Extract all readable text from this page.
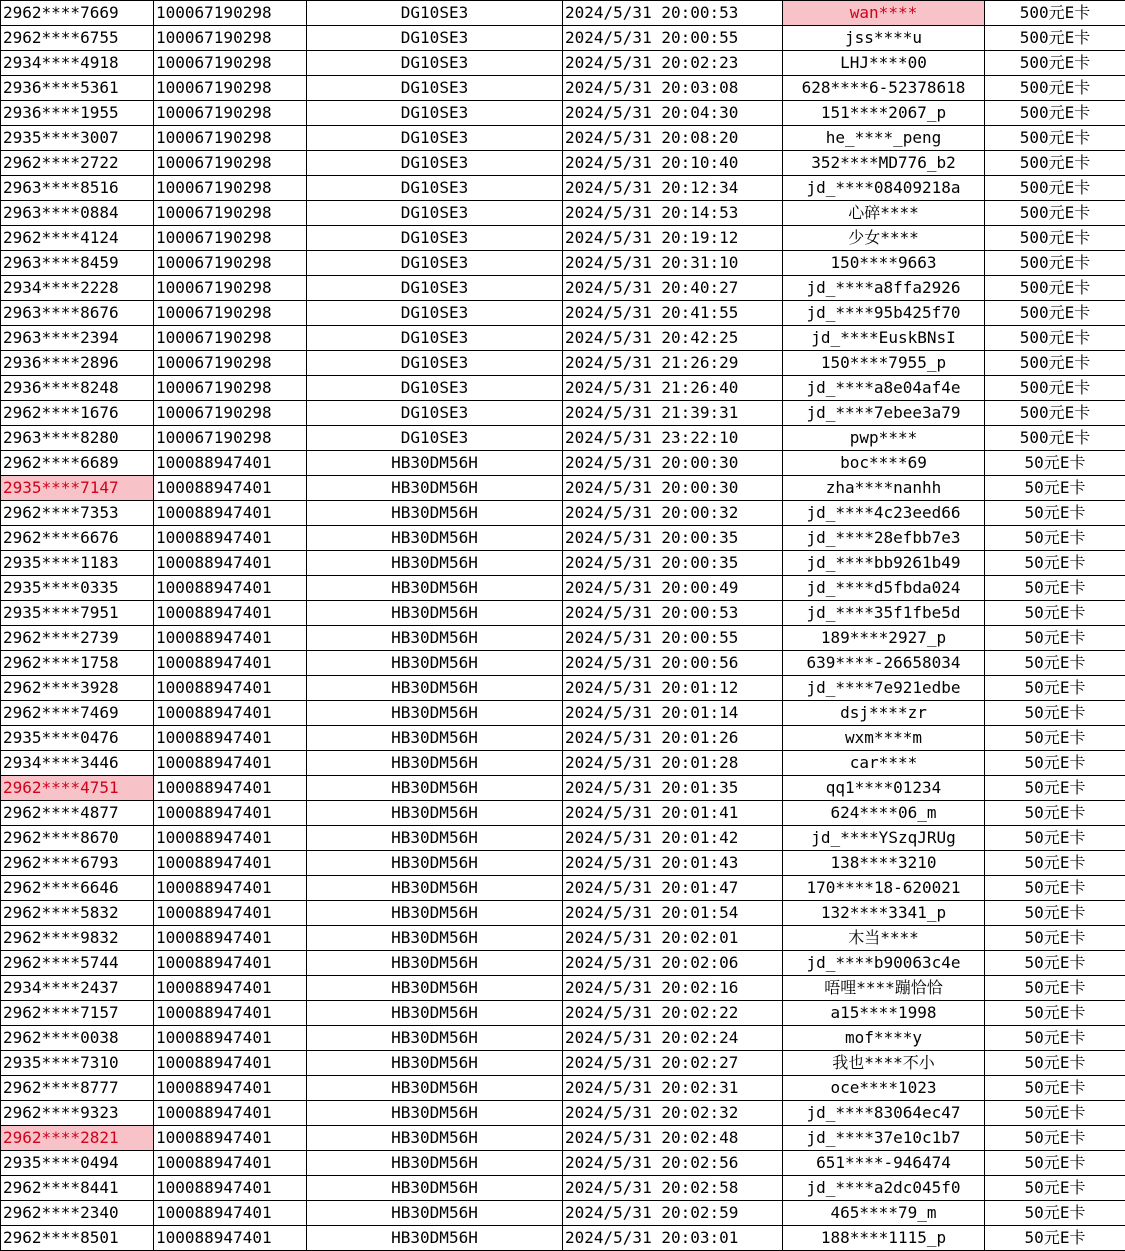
2962****7669	100067190298	DG10SE3	2024/5/31 20:00:53	wan****	500元E卡
2962****6755	100067190298	DG10SE3	2024/5/31 20:00:55	jss****u	500元E卡
2934****4918	100067190298	DG10SE3	2024/5/31 20:02:23	LHJ****00	500元E卡
2936****5361	100067190298	DG10SE3	2024/5/31 20:03:08	628****6-52378618	500元E卡
2936****1955	100067190298	DG10SE3	2024/5/31 20:04:30	151****2067_p	500元E卡
2935****3007	100067190298	DG10SE3	2024/5/31 20:08:20	he_****_peng	500元E卡
2962****2722	100067190298	DG10SE3	2024/5/31 20:10:40	352****MD776_b2	500元E卡
2963****8516	100067190298	DG10SE3	2024/5/31 20:12:34	jd_****08409218a	500元E卡
2963****0884	100067190298	DG10SE3	2024/5/31 20:14:53	心碎****	500元E卡
2962****4124	100067190298	DG10SE3	2024/5/31 20:19:12	少女****	500元E卡
2963****8459	100067190298	DG10SE3	2024/5/31 20:31:10	150****9663	500元E卡
2934****2228	100067190298	DG10SE3	2024/5/31 20:40:27	jd_****a8ffa2926	500元E卡
2963****8676	100067190298	DG10SE3	2024/5/31 20:41:55	jd_****95b425f70	500元E卡
2963****2394	100067190298	DG10SE3	2024/5/31 20:42:25	jd_****EuskBNsI	500元E卡
2936****2896	100067190298	DG10SE3	2024/5/31 21:26:29	150****7955_p	500元E卡
2936****8248	100067190298	DG10SE3	2024/5/31 21:26:40	jd_****a8e04af4e	500元E卡
2962****1676	100067190298	DG10SE3	2024/5/31 21:39:31	jd_****7ebee3a79	500元E卡
2963****8280	100067190298	DG10SE3	2024/5/31 23:22:10	pwp****	500元E卡
2962****6689	100088947401	HB30DM56H	2024/5/31 20:00:30	boc****69	50元E卡
2935****7147	100088947401	HB30DM56H	2024/5/31 20:00:30	zha****nanhh	50元E卡
2962****7353	100088947401	HB30DM56H	2024/5/31 20:00:32	jd_****4c23eed66	50元E卡
2962****6676	100088947401	HB30DM56H	2024/5/31 20:00:35	jd_****28efbb7e3	50元E卡
2935****1183	100088947401	HB30DM56H	2024/5/31 20:00:35	jd_****bb9261b49	50元E卡
2935****0335	100088947401	HB30DM56H	2024/5/31 20:00:49	jd_****d5fbda024	50元E卡
2935****7951	100088947401	HB30DM56H	2024/5/31 20:00:53	jd_****35f1fbe5d	50元E卡
2962****2739	100088947401	HB30DM56H	2024/5/31 20:00:55	189****2927_p	50元E卡
2962****1758	100088947401	HB30DM56H	2024/5/31 20:00:56	639****-26658034	50元E卡
2962****3928	100088947401	HB30DM56H	2024/5/31 20:01:12	jd_****7e921edbe	50元E卡
2962****7469	100088947401	HB30DM56H	2024/5/31 20:01:14	dsj****zr	50元E卡
2935****0476	100088947401	HB30DM56H	2024/5/31 20:01:26	wxm****m	50元E卡
2934****3446	100088947401	HB30DM56H	2024/5/31 20:01:28	car****	50元E卡
2962****4751	100088947401	HB30DM56H	2024/5/31 20:01:35	qq1****01234	50元E卡
2962****4877	100088947401	HB30DM56H	2024/5/31 20:01:41	624****06_m	50元E卡
2962****8670	100088947401	HB30DM56H	2024/5/31 20:01:42	jd_****YSzqJRUg	50元E卡
2962****6793	100088947401	HB30DM56H	2024/5/31 20:01:43	138****3210	50元E卡
2962****6646	100088947401	HB30DM56H	2024/5/31 20:01:47	170****18-620021	50元E卡
2962****5832	100088947401	HB30DM56H	2024/5/31 20:01:54	132****3341_p	50元E卡
2962****9832	100088947401	HB30DM56H	2024/5/31 20:02:01	木当****	50元E卡
2962****5744	100088947401	HB30DM56H	2024/5/31 20:02:06	jd_****b90063c4e	50元E卡
2934****2437	100088947401	HB30DM56H	2024/5/31 20:02:16	唔哩****蹦恰恰	50元E卡
2962****7157	100088947401	HB30DM56H	2024/5/31 20:02:22	a15****1998	50元E卡
2962****0038	100088947401	HB30DM56H	2024/5/31 20:02:24	mof****y	50元E卡
2935****7310	100088947401	HB30DM56H	2024/5/31 20:02:27	我也****不小	50元E卡
2962****8777	100088947401	HB30DM56H	2024/5/31 20:02:31	oce****1023	50元E卡
2962****9323	100088947401	HB30DM56H	2024/5/31 20:02:32	jd_****83064ec47	50元E卡
2962****2821	100088947401	HB30DM56H	2024/5/31 20:02:48	jd_****37e10c1b7	50元E卡
2935****0494	100088947401	HB30DM56H	2024/5/31 20:02:56	651****-946474	50元E卡
2962****8441	100088947401	HB30DM56H	2024/5/31 20:02:58	jd_****a2dc045f0	50元E卡
2962****2340	100088947401	HB30DM56H	2024/5/31 20:02:59	465****79_m	50元E卡
2962****8501	100088947401	HB30DM56H	2024/5/31 20:03:01	188****1115_p	50元E卡
